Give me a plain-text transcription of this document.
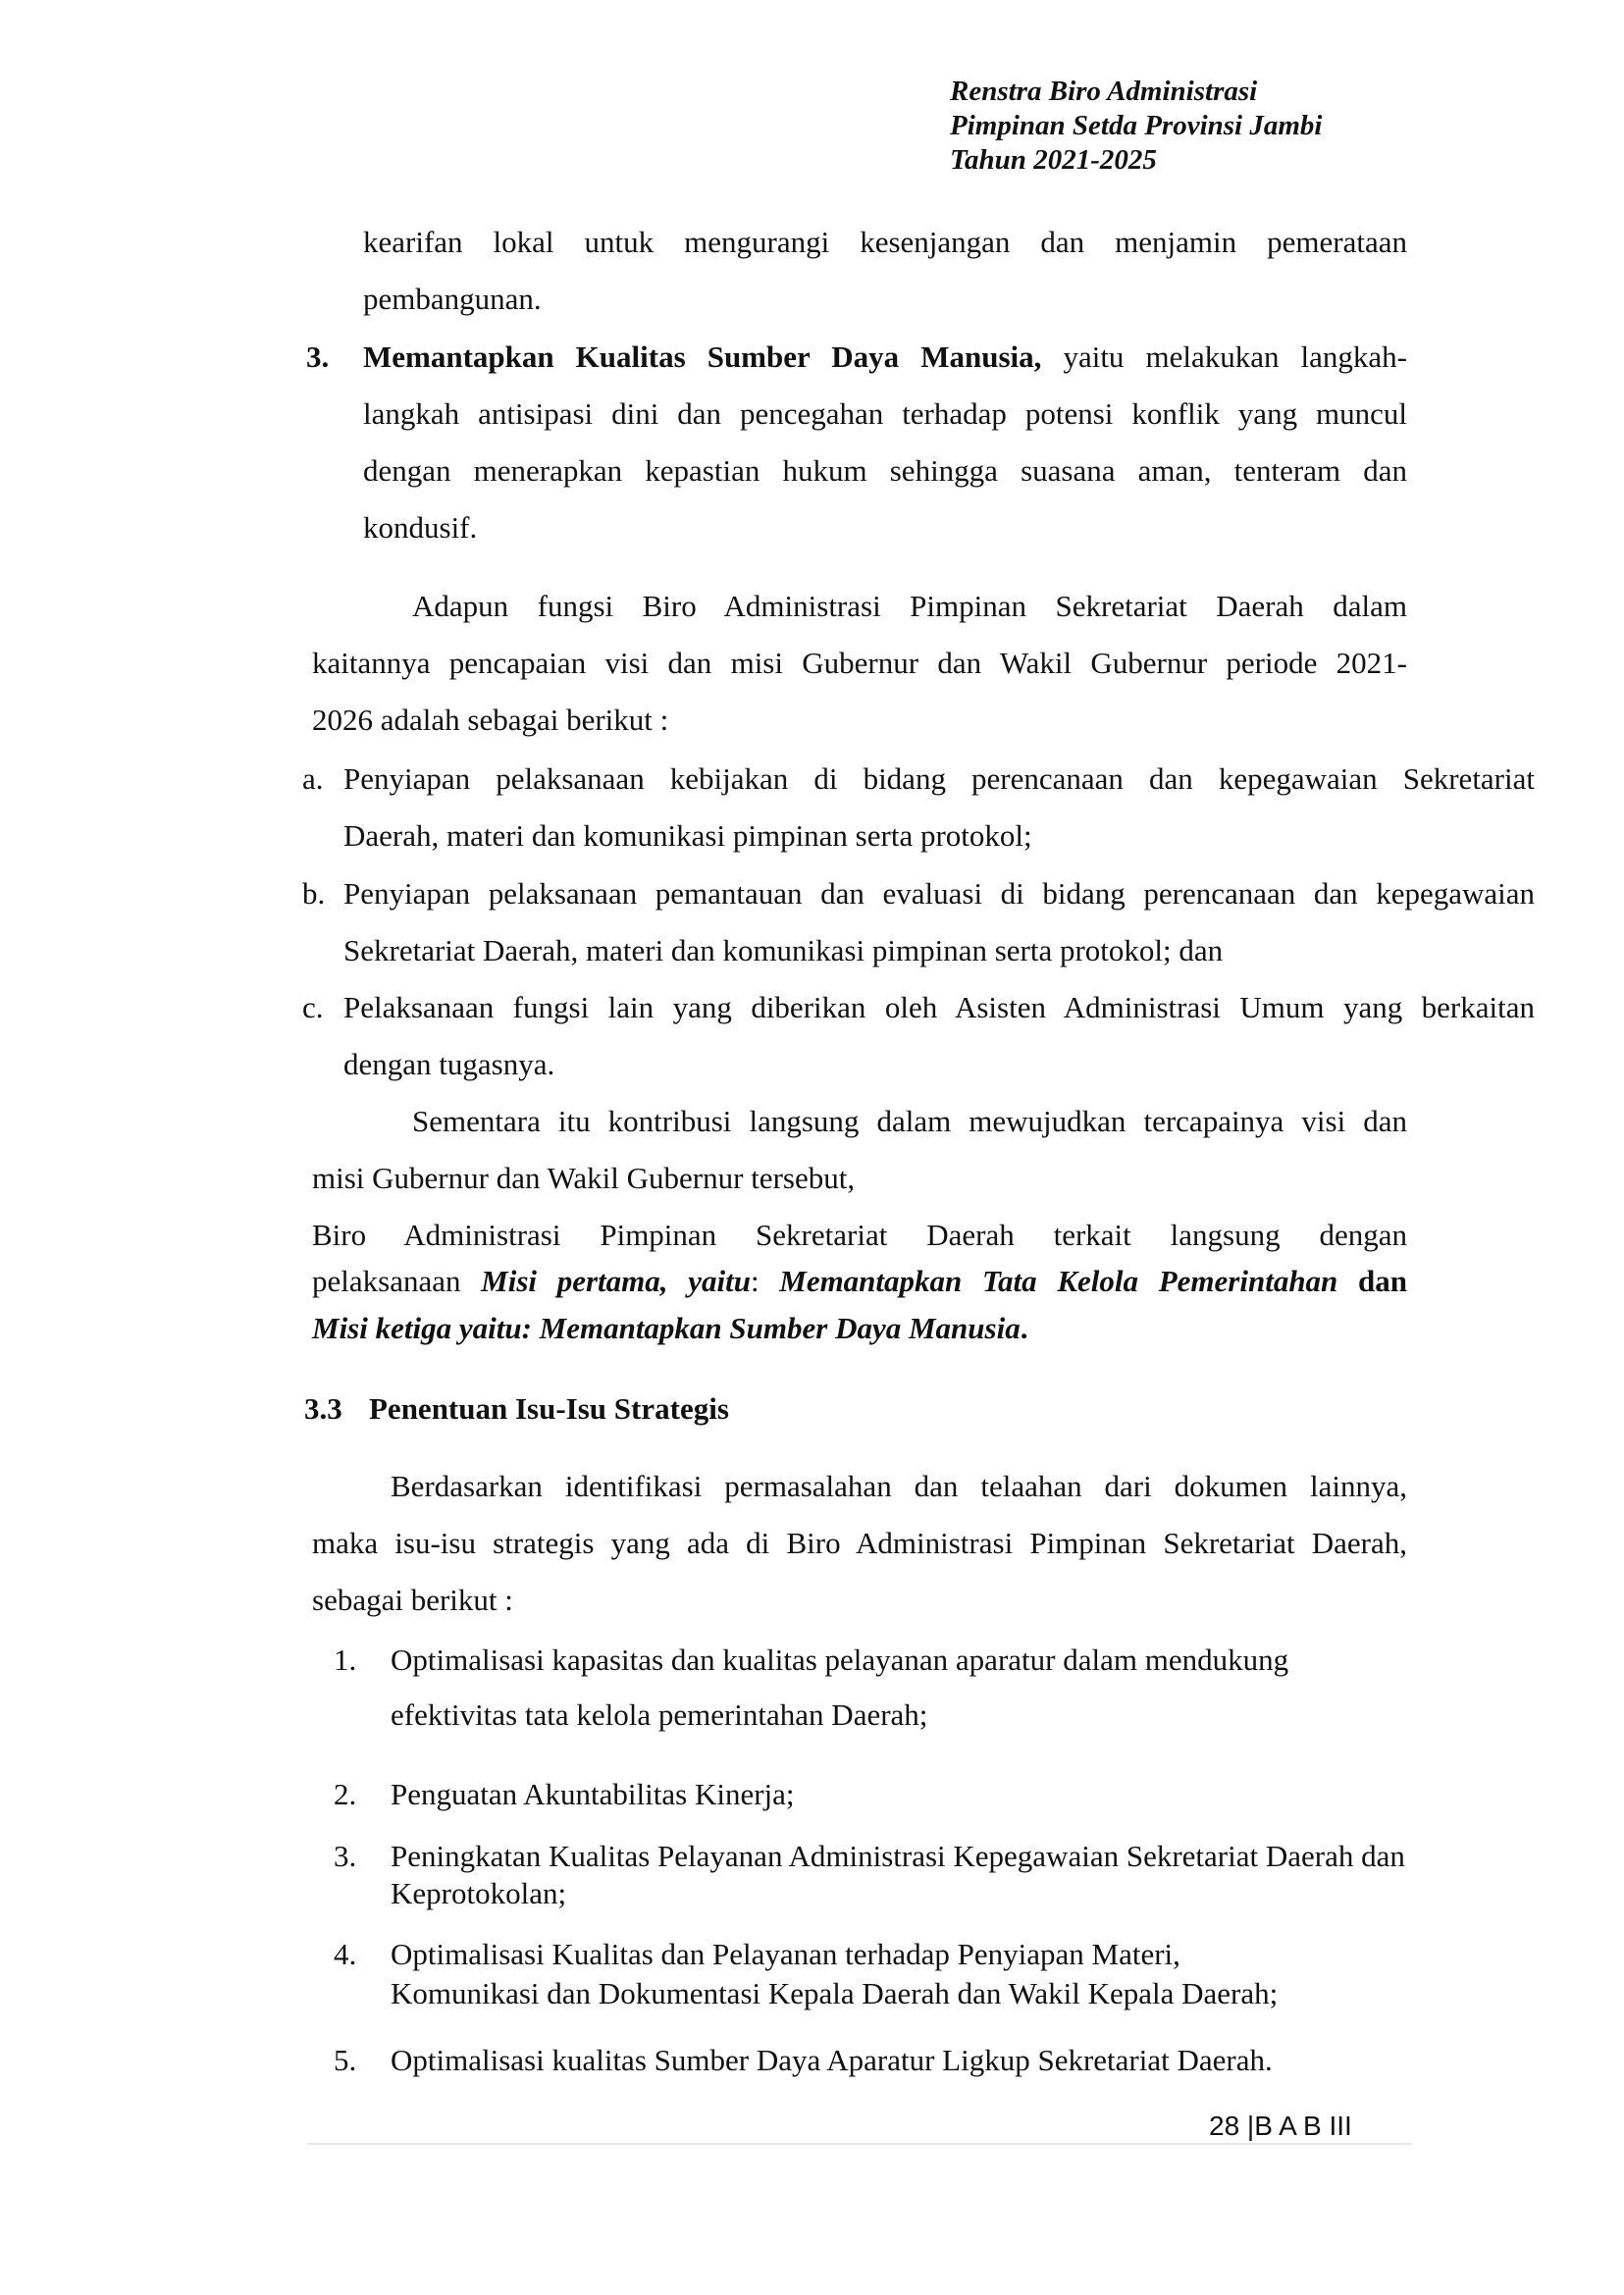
Renstra Biro Administrasi
Pimpinan Setda Provinsi Jambi
Tahun 2021-2025
kearifan lokal untuk mengurangi kesenjangan dan menjamin pemerataan
pembangunan.
3. Memantapkan Kualitas Sumber Daya Manusia, yaitu melakukan langkah-
langkah antisipasi dini dan pencegahan terhadap potensi konflik yang muncul
dengan menerapkan kepastian hukum sehingga suasana aman, tenteram dan
kondusif.
Adapun fungsi Biro Administrasi Pimpinan Sekretariat Daerah dalam
kaitannya pencapaian visi dan misi Gubernur dan Wakil Gubernur periode 2021-
2026 adalah sebagai berikut :
a. Penyiapan pelaksanaan kebijakan di bidang perencanaan dan kepegawaian Sekretariat
Daerah, materi dan komunikasi pimpinan serta protokol;
b. Penyiapan pelaksanaan pemantauan dan evaluasi di bidang perencanaan dan kepegawaian
Sekretariat Daerah, materi dan komunikasi pimpinan serta protokol; dan
c. Pelaksanaan fungsi lain yang diberikan oleh Asisten Administrasi Umum yang berkaitan
dengan tugasnya.
Sementara itu kontribusi langsung dalam mewujudkan tercapainya visi dan
misi Gubernur dan Wakil Gubernur tersebut,
Biro Administrasi Pimpinan Sekretariat Daerah terkait langsung dengan
pelaksanaan Misi pertama, yaitu: Memantapkan Tata Kelola Pemerintahan dan
Misi ketiga yaitu: Memantapkan Sumber Daya Manusia.
3.3 Penentuan Isu-Isu Strategis
Berdasarkan identifikasi permasalahan dan telaahan dari dokumen lainnya,
maka isu-isu strategis yang ada di Biro Administrasi Pimpinan Sekretariat Daerah,
sebagai berikut :
1. Optimalisasi kapasitas dan kualitas pelayanan aparatur dalam mendukung
efektivitas tata kelola pemerintahan Daerah;
2. Penguatan Akuntabilitas Kinerja;
3. Peningkatan Kualitas Pelayanan Administrasi Kepegawaian Sekretariat Daerah dan
Keprotokolan;
4. Optimalisasi Kualitas dan Pelayanan terhadap Penyiapan Materi,
Komunikasi dan Dokumentasi Kepala Daerah dan Wakil Kepala Daerah;
5. Optimalisasi kualitas Sumber Daya Aparatur Ligkup Sekretariat Daerah.
28 |B A B III
